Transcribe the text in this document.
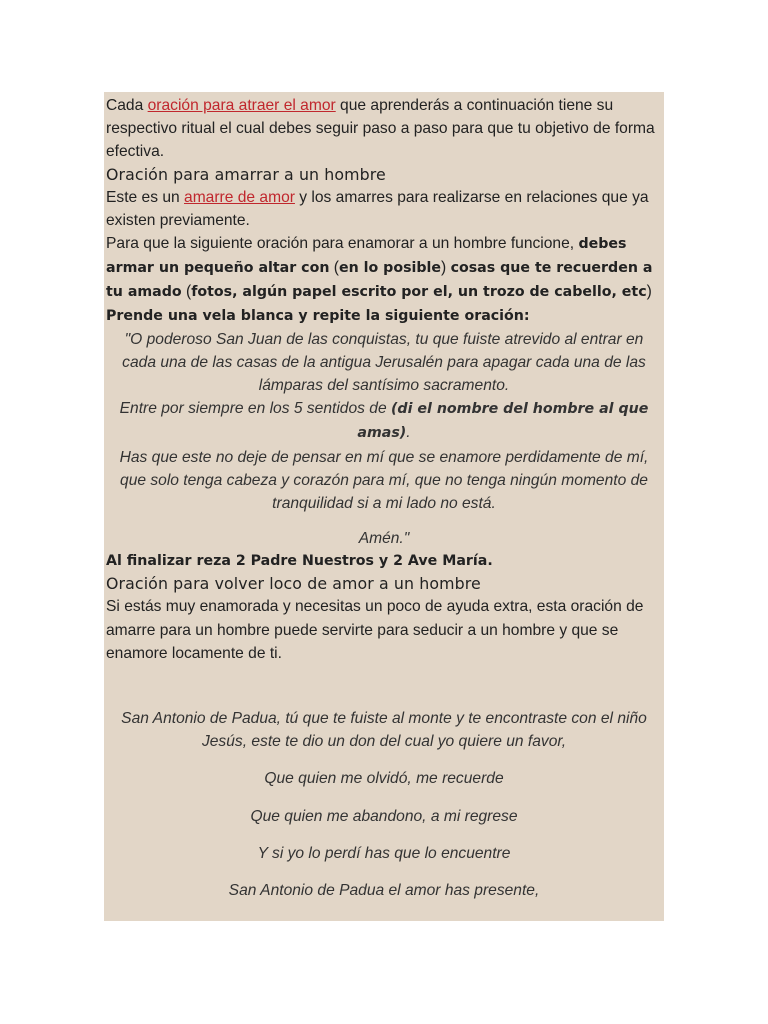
Cada oración para atraer el amor que aprenderás a continuación tiene su respectivo ritual el cual debes seguir paso a paso para que tu objetivo de forma efectiva.

Oración para amarrar a un hombre

Este es un amarre de amor y los amarres para realizarse en relaciones que ya existen previamente.

Para que la siguiente oración para enamorar a un hombre funcione, debes armar un pequeño altar con (en lo posible) cosas que te recuerden a tu amado (fotos, algún papel escrito por el, un trozo de cabello, etc)

Prende una vela blanca y repite la siguiente oración:

"O poderoso San Juan de las conquistas, tu que fuiste atrevido al entrar en cada una de las casas de la antigua Jerusalén para apagar cada una de las lámparas del santísimo sacramento.

Entre por siempre en los 5 sentidos de (di el nombre del hombre al que amas).

Has que este no deje de pensar en mí que se enamore perdidamente de mí, que solo tenga cabeza y corazón para mí, que no tenga ningún momento de tranquilidad si a mi lado no está.

Amén."

Al finalizar reza 2 Padre Nuestros y 2 Ave María.

Oración para volver loco de amor a un hombre

Si estás muy enamorada y necesitas un poco de ayuda extra, esta oración de amarre para un hombre puede servirte para seducir a un hombre y que se enamore locamente de ti.

San Antonio de Padua, tú que te fuiste al monte y te encontraste con el niño Jesús, este te dio un don del cual yo quiere un favor,

Que quien me olvidó, me recuerde

Que quien me abandono, a mi regrese

Y si yo lo perdí has que lo encuentre

San Antonio de Padua el amor has presente,
